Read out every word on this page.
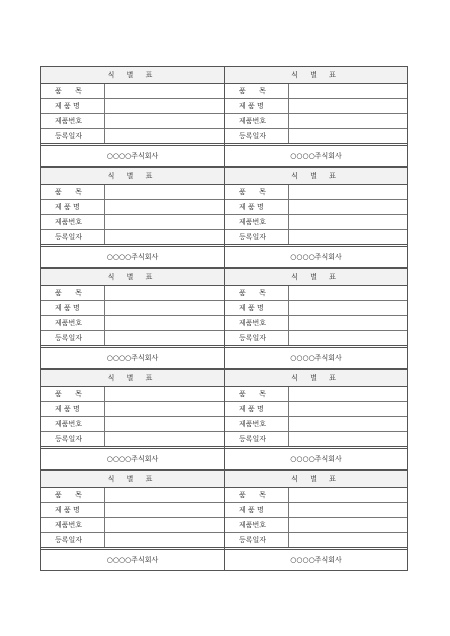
식 별 표
품      목
제 품 명
제품번호
등록일자
○○○○주식회사
식 별 표
품      목
제 품 명
제품번호
등록일자
○○○○주식회사
식 별 표
품      목
제 품 명
제품번호
등록일자
○○○○주식회사
식 별 표
품      목
제 품 명
제품번호
등록일자
○○○○주식회사
식 별 표
품      목
제 품 명
제품번호
등록일자
○○○○주식회사
식 별 표
품      목
제 품 명
제품번호
등록일자
○○○○주식회사
식 별 표
품      목
제 품 명
제품번호
등록일자
○○○○주식회사
식 별 표
품      목
제 품 명
제품번호
등록일자
○○○○주식회사
식 별 표
품      목
제 품 명
제품번호
등록일자
○○○○주식회사
식 별 표
품      목
제 품 명
제품번호
등록일자
○○○○주식회사
